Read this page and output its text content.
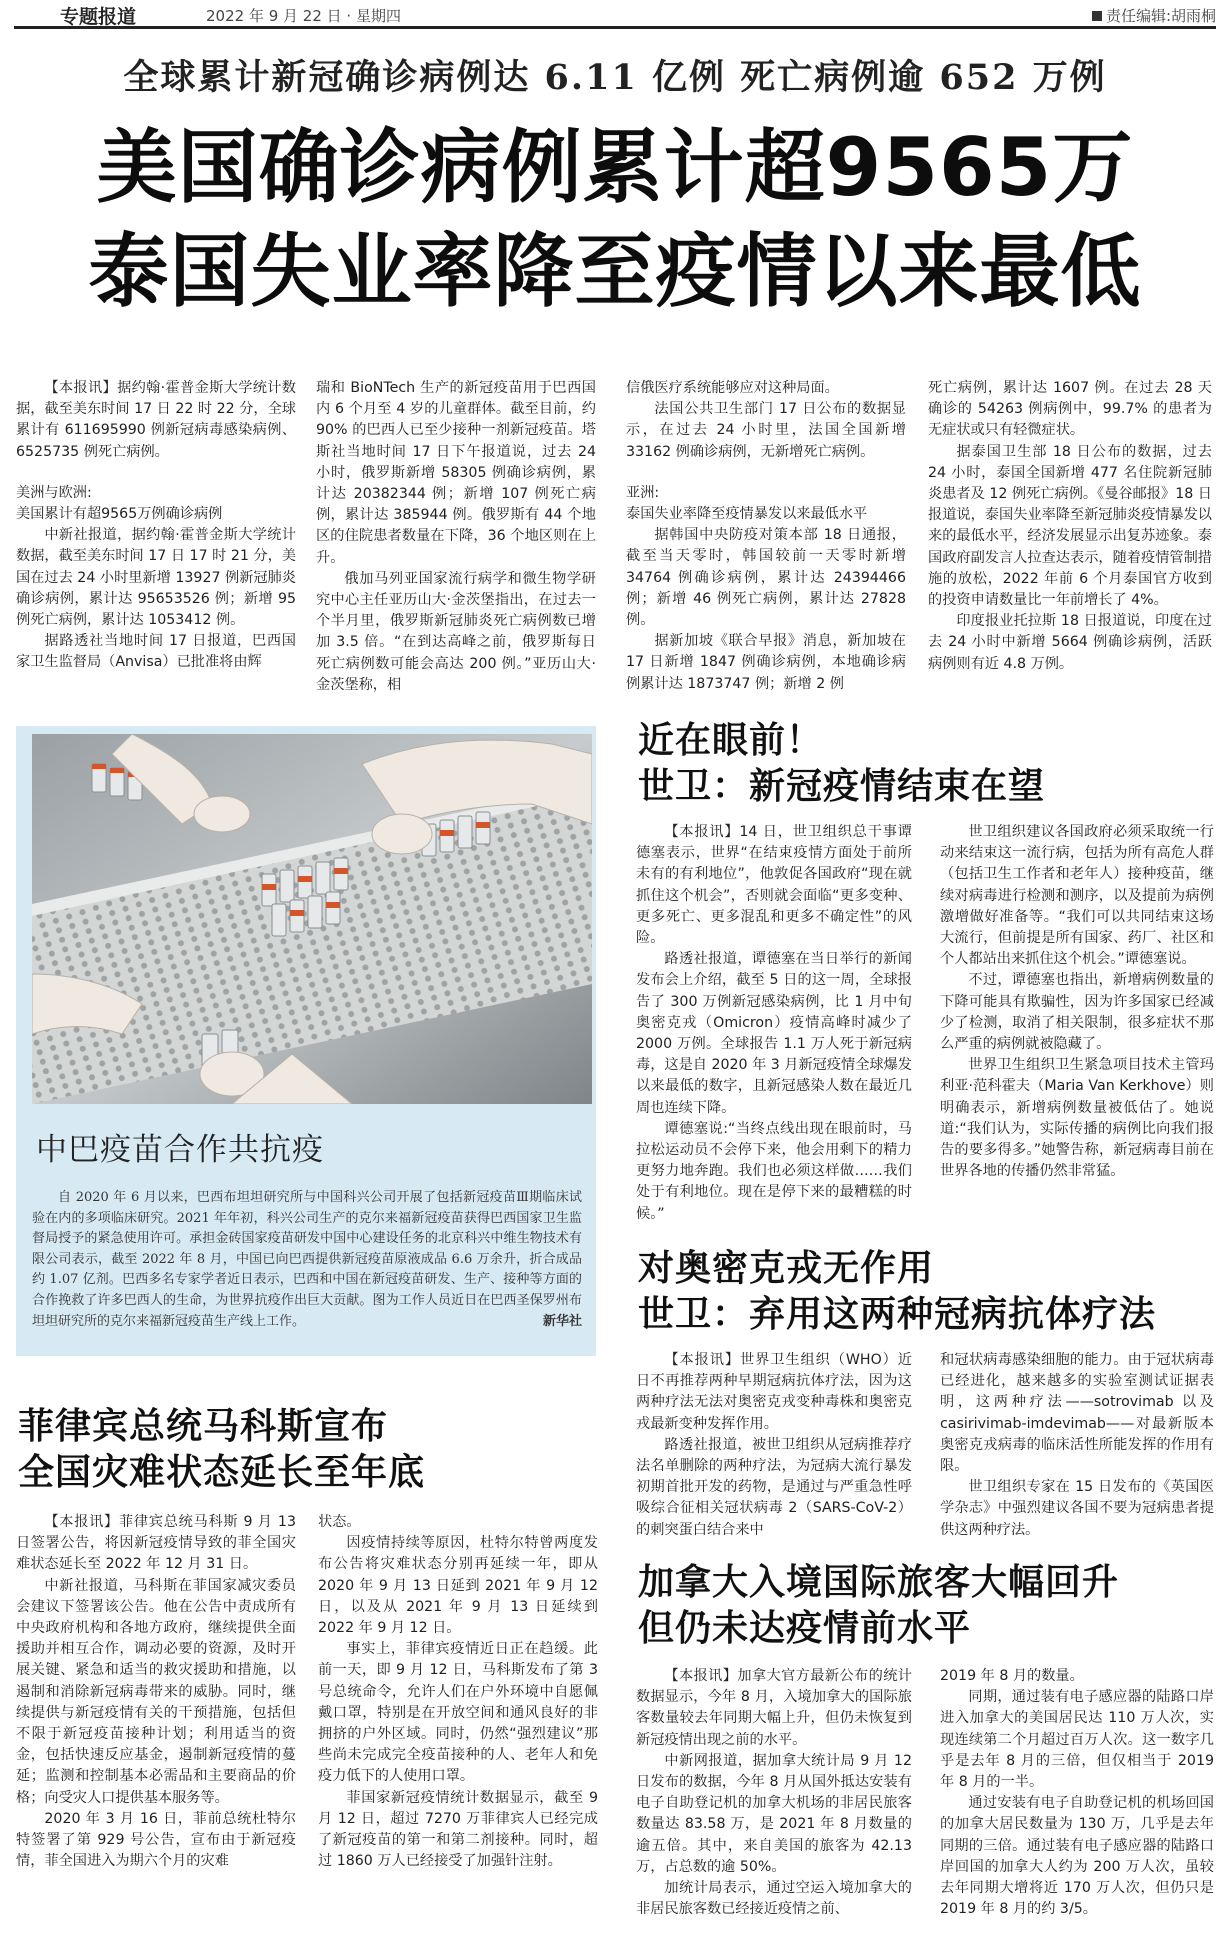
专题报道	2022 年 9 月 22 日 · 星期四	责任编辑:胡雨桐
全球累计新冠确诊病例达 6.11 亿例 死亡病例逾 652 万例
美国确诊病例累计超9565万
泰国失业率降至疫情以来最低

【本报讯】据约翰·霍普金斯大学统计数据，截至美东时间 17 日 22 时 22 分，全球累计有 611695990 例新冠病毒感染病例、6525735 例死亡病例。

美洲与欧洲:

美国累计有超9565万例确诊病例

中新社报道，据约翰·霍普金斯大学统计数据，截至美东时间 17 日 17 时 21 分，美国在过去 24 小时里新增 13927 例新冠肺炎确诊病例，累计达 95653526 例；新增 95 例死亡病例，累计达 1053412 例。

据路透社当地时间 17 日报道，巴西国家卫生监督局（Anvisa）已批准将由辉

瑞和 BioNTech 生产的新冠疫苗用于巴西国内 6 个月至 4 岁的儿童群体。截至目前，约 90% 的巴西人已至少接种一剂新冠疫苗。塔斯社当地时间 17 日下午报道说，过去 24 小时，俄罗斯新增 58305 例确诊病例，累计达 20382344 例；新增 107 例死亡病例，累计达 385944 例。俄罗斯有 44 个地区的住院患者数量在下降，36 个地区则在上升。

俄加马列亚国家流行病学和微生物学研究中心主任亚历山大·金茨堡指出，在过去一个半月里，俄罗斯新冠肺炎死亡病例数已增加 3.5 倍。“在到达高峰之前，俄罗斯每日死亡病例数可能会高达 200 例。”亚历山大·金茨堡称，相

信俄医疗系统能够应对这种局面。

法国公共卫生部门 17 日公布的数据显示，在过去 24 小时里，法国全国新增 33162 例确诊病例，无新增死亡病例。

亚洲:

泰国失业率降至疫情暴发以来最低水平

据韩国中央防疫对策本部 18 日通报，截至当天零时，韩国较前一天零时新增 34764 例确诊病例，累计达 24394466 例；新增 46 例死亡病例，累计达 27828 例。

据新加坡《联合早报》消息，新加坡在 17 日新增 1847 例确诊病例，本地确诊病例累计达 1873747 例；新增 2 例

死亡病例，累计达 1607 例。在过去 28 天确诊的 54263 例病例中，99.7% 的患者为无症状或只有轻微症状。

据泰国卫生部 18 日公布的数据，过去 24 小时，泰国全国新增 477 名住院新冠肺炎患者及 12 例死亡病例。《曼谷邮报》18 日报道说，泰国失业率降至新冠肺炎疫情暴发以来的最低水平，经济发展显示出复苏迹象。泰国政府副发言人拉查达表示，随着疫情管制措施的放松，2022 年前 6 个月泰国官方收到的投资申请数量比一年前增长了 4%。

印度报业托拉斯 18 日报道说，印度在过去 24 小时中新增 5664 例确诊病例，活跃病例则有近 4.8 万例。

中巴疫苗合作共抗疫

自 2020 年 6 月以来，巴西布坦坦研究所与中国科兴公司开展了包括新冠疫苗Ⅲ期临床试验在内的多项临床研究。2021 年年初，科兴公司生产的克尔来福新冠疫苗获得巴西国家卫生监督局授予的紧急使用许可。承担金砖国家疫苗研发中国中心建设任务的北京科兴中维生物技术有限公司表示，截至 2022 年 8 月，中国已向巴西提供新冠疫苗原液成品 6.6 万余升，折合成品约 1.07 亿剂。巴西多名专家学者近日表示，巴西和中国在新冠疫苗研发、生产、接种等方面的合作挽救了许多巴西人的生命，为世界抗疫作出巨大贡献。图为工作人员近日在巴西圣保罗州布坦坦研究所的克尔来福新冠疫苗生产线上工作。	新华社

近在眼前！
世卫：新冠疫情结束在望

【本报讯】14 日，世卫组织总干事谭德塞表示，世界“在结束疫情方面处于前所未有的有利地位”，他敦促各国政府“现在就抓住这个机会”，否则就会面临“更多变种、更多死亡、更多混乱和更多不确定性”的风险。

路透社报道，谭德塞在当日举行的新闻发布会上介绍，截至 5 日的这一周，全球报告了 300 万例新冠感染病例，比 1 月中旬奥密克戎（Omicron）疫情高峰时减少了 2000 万例。全球报告 1.1 万人死于新冠病毒，这是自 2020 年 3 月新冠疫情全球爆发以来最低的数字，且新冠感染人数在最近几周也连续下降。

谭德塞说:“当终点线出现在眼前时，马拉松运动员不会停下来，他会用剩下的精力更努力地奔跑。我们也必须这样做……我们处于有利地位。现在是停下来的最糟糕的时候。”

世卫组织建议各国政府必须采取统一行动来结束这一流行病，包括为所有高危人群（包括卫生工作者和老年人）接种疫苗，继续对病毒进行检测和测序，以及提前为病例激增做好准备等。“我们可以共同结束这场大流行，但前提是所有国家、药厂、社区和个人都站出来抓住这个机会。”谭德塞说。

不过，谭德塞也指出，新增病例数量的下降可能具有欺骗性，因为许多国家已经减少了检测，取消了相关限制，很多症状不那么严重的病例就被隐藏了。

世界卫生组织卫生紧急项目技术主管玛利亚·范科霍夫（Maria Van Kerkhove）则明确表示，新增病例数量被低估了。她说道:“我们认为，实际传播的病例比向我们报告的要多得多。”她警告称，新冠病毒目前在世界各地的传播仍然非常猛。

对奥密克戎无作用
世卫：弃用这两种冠病抗体疗法

【本报讯】世界卫生组织（WHO）近日不再推荐两种早期冠病抗体疗法，因为这两种疗法无法对奥密克戎变种毒株和奥密克戎最新变种发挥作用。

路透社报道，被世卫组织从冠病推荐疗法名单删除的两种疗法，为冠病大流行暴发初期首批开发的药物，是通过与严重急性呼吸综合征相关冠状病毒 2（SARS-CoV-2）的刺突蛋白结合来中

和冠状病毒感染细胞的能力。由于冠状病毒已经进化，越来越多的实验室测试证据表明，这两种疗法——sotrovimab 以及 casirivimab-imdevimab——对最新版本奥密克戎病毒的临床活性所能发挥的作用有限。

世卫组织专家在 15 日发布的《英国医学杂志》中强烈建议各国不要为冠病患者提供这两种疗法。

菲律宾总统马科斯宣布
全国灾难状态延长至年底

【本报讯】菲律宾总统马科斯 9 月 13 日签署公告，将因新冠疫情导致的菲全国灾难状态延长至 2022 年 12 月 31 日。

中新社报道，马科斯在菲国家减灾委员会建议下签署该公告。他在公告中责成所有中央政府机构和各地方政府，继续提供全面援助并相互合作，调动必要的资源，及时开展关键、紧急和适当的救灾援助和措施，以遏制和消除新冠病毒带来的威胁。同时，继续提供与新冠疫情有关的干预措施，包括但不限于新冠疫苗接种计划；利用适当的资金，包括快速反应基金，遏制新冠疫情的蔓延；监测和控制基本必需品和主要商品的价格；向受灾人口提供基本服务等。

2020 年 3 月 16 日，菲前总统杜特尔特签署了第 929 号公告，宣布由于新冠疫情，菲全国进入为期六个月的灾难

状态。

因疫情持续等原因，杜特尔特曾两度发布公告将灾难状态分别再延续一年，即从 2020 年 9 月 13 日延到 2021 年 9 月 12 日，以及从 2021 年 9 月 13 日延续到 2022 年 9 月 12 日。

事实上，菲律宾疫情近日正在趋缓。此前一天，即 9 月 12 日，马科斯发布了第 3 号总统命令，允许人们在户外环境中自愿佩戴口罩，特别是在开放空间和通风良好的非拥挤的户外区域。同时，仍然“强烈建议”那些尚未完成完全疫苗接种的人、老年人和免疫力低下的人使用口罩。

菲国家新冠疫情统计数据显示，截至 9 月 12 日，超过 7270 万菲律宾人已经完成了新冠疫苗的第一和第二剂接种。同时，超过 1860 万人已经接受了加强针注射。

加拿大入境国际旅客大幅回升
但仍未达疫情前水平

【本报讯】加拿大官方最新公布的统计数据显示，今年 8 月，入境加拿大的国际旅客数量较去年同期大幅上升，但仍未恢复到新冠疫情出现之前的水平。

中新网报道，据加拿大统计局 9 月 12 日发布的数据，今年 8 月从国外抵达安装有电子自助登记机的加拿大机场的非居民旅客数量达 83.58 万，是 2021 年 8 月数量的逾五倍。其中，来自美国的旅客为 42.13 万，占总数的逾 50%。

加统计局表示，通过空运入境加拿大的非居民旅客数已经接近疫情之前、

2019 年 8 月的数量。

同期，通过装有电子感应器的陆路口岸进入加拿大的美国居民达 110 万人次，实现连续第二个月超过百万人次。这一数字几乎是去年 8 月的三倍，但仅相当于 2019 年 8 月的一半。

通过安装有电子自助登记机的机场回国的加拿大居民数量为 130 万，几乎是去年同期的三倍。通过装有电子感应器的陆路口岸回国的加拿大人约为 200 万人次，虽较去年同期大增将近 170 万人次，但仍只是 2019 年 8 月的约 3/5。
